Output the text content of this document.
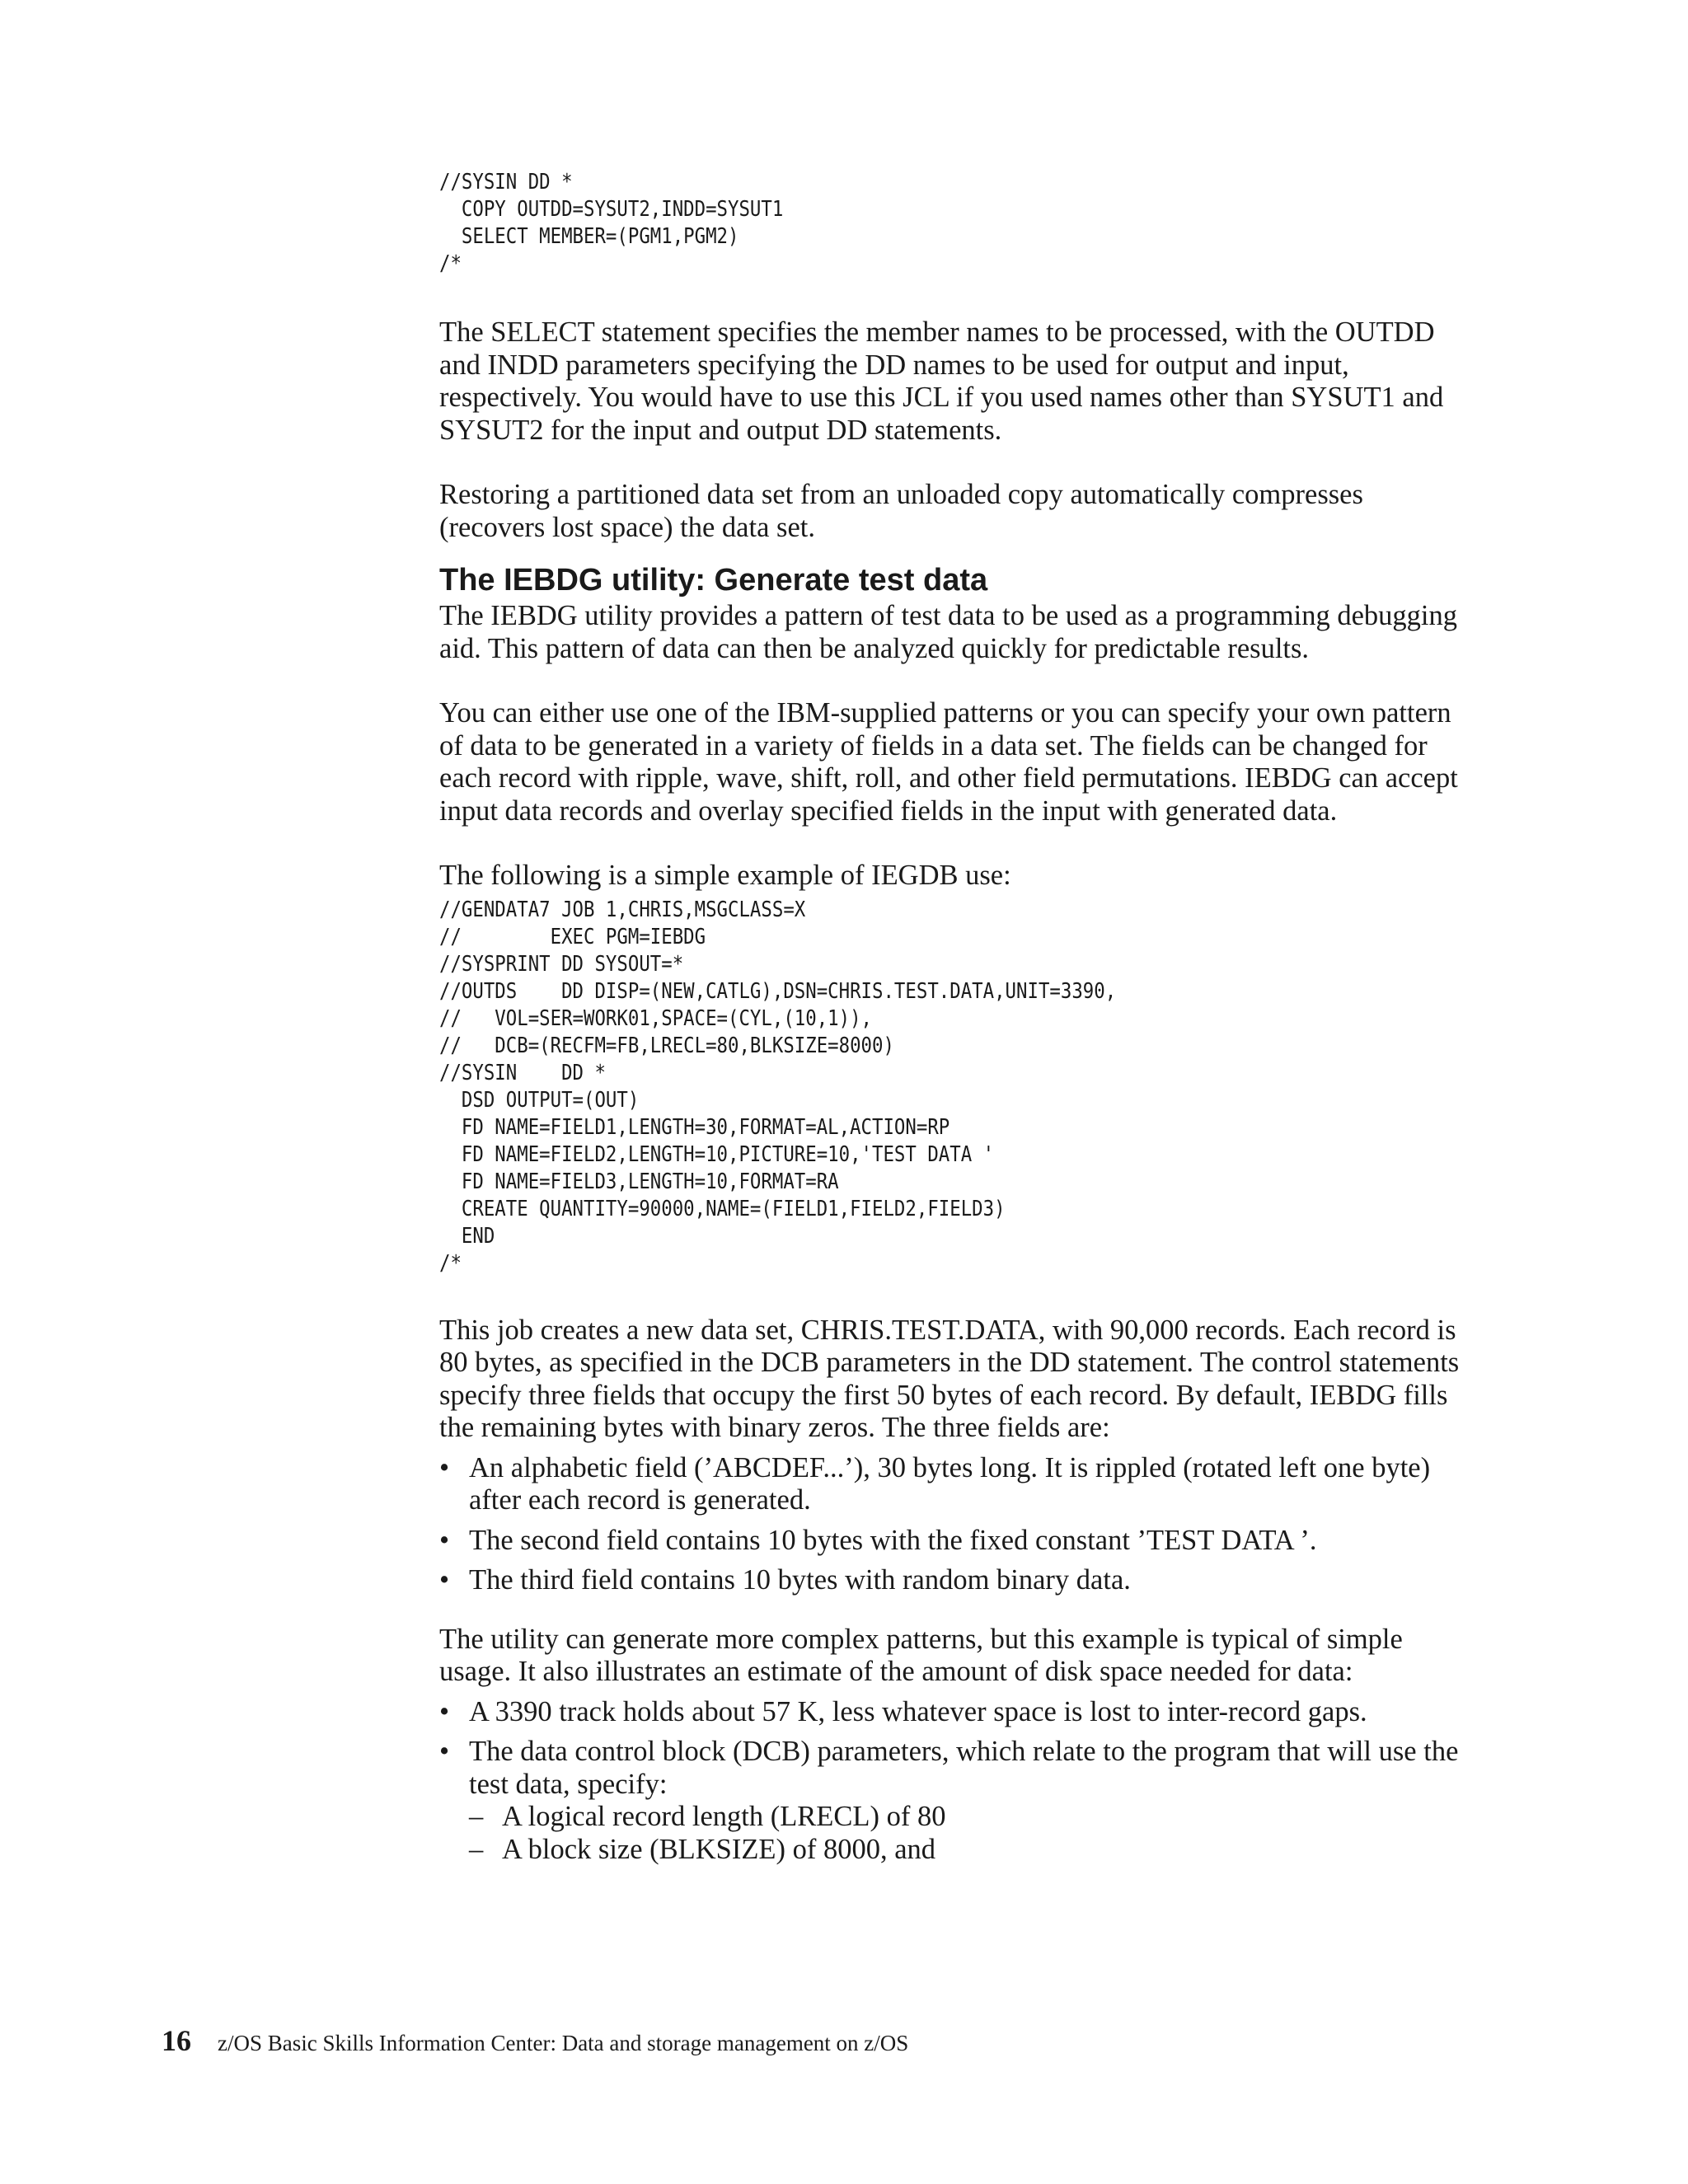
//SYSIN DD *
COPY OUTDD=SYSUT2,INDD=SYSUT1
SELECT MEMBER=(PGM1,PGM2)
/*

The SELECT statement specifies the member names to be processed, with the OUTDD and INDD parameters specifying the DD names to be used for output and input, respectively. You would have to use this JCL if you used names other than SYSUT1 and SYSUT2 for the input and output DD statements.

Restoring a partitioned data set from an unloaded copy automatically compresses (recovers lost space) the data set.

The IEBDG utility: Generate test data

The IEBDG utility provides a pattern of test data to be used as a programming debugging aid. This pattern of data can then be analyzed quickly for predictable results.

You can either use one of the IBM-supplied patterns or you can specify your own pattern of data to be generated in a variety of fields in a data set. The fields can be changed for each record with ripple, wave, shift, roll, and other field permutations. IEBDG can accept input data records and overlay specified fields in the input with generated data.

The following is a simple example of IEGDB use:

//GENDATA7 JOB 1,CHRIS,MSGCLASS=X
//        EXEC PGM=IEBDG
//SYSPRINT DD SYSOUT=*
//OUTDS    DD DISP=(NEW,CATLG),DSN=CHRIS.TEST.DATA,UNIT=3390,
//   VOL=SER=WORK01,SPACE=(CYL,(10,1)),
//   DCB=(RECFM=FB,LRECL=80,BLKSIZE=8000)
//SYSIN    DD *
DSD OUTPUT=(OUT)
FD NAME=FIELD1,LENGTH=30,FORMAT=AL,ACTION=RP
FD NAME=FIELD2,LENGTH=10,PICTURE=10,'TEST DATA '
FD NAME=FIELD3,LENGTH=10,FORMAT=RA
CREATE QUANTITY=90000,NAME=(FIELD1,FIELD2,FIELD3)
END
/*

This job creates a new data set, CHRIS.TEST.DATA, with 90,000 records. Each record is 80 bytes, as specified in the DCB parameters in the DD statement. The control statements specify three fields that occupy the first 50 bytes of each record. By default, IEBDG fills the remaining bytes with binary zeros. The three fields are:

• An alphabetic field (’ABCDEF...’), 30 bytes long. It is rippled (rotated left one byte) after each record is generated.
• The second field contains 10 bytes with the fixed constant ’TEST DATA ’.
• The third field contains 10 bytes with random binary data.

The utility can generate more complex patterns, but this example is typical of simple usage. It also illustrates an estimate of the amount of disk space needed for data:

• A 3390 track holds about 57 K, less whatever space is lost to inter-record gaps.
• The data control block (DCB) parameters, which relate to the program that will use the test data, specify:
– A logical record length (LRECL) of 80
– A block size (BLKSIZE) of 8000, and
16 z/OS Basic Skills Information Center: Data and storage management on z/OS
